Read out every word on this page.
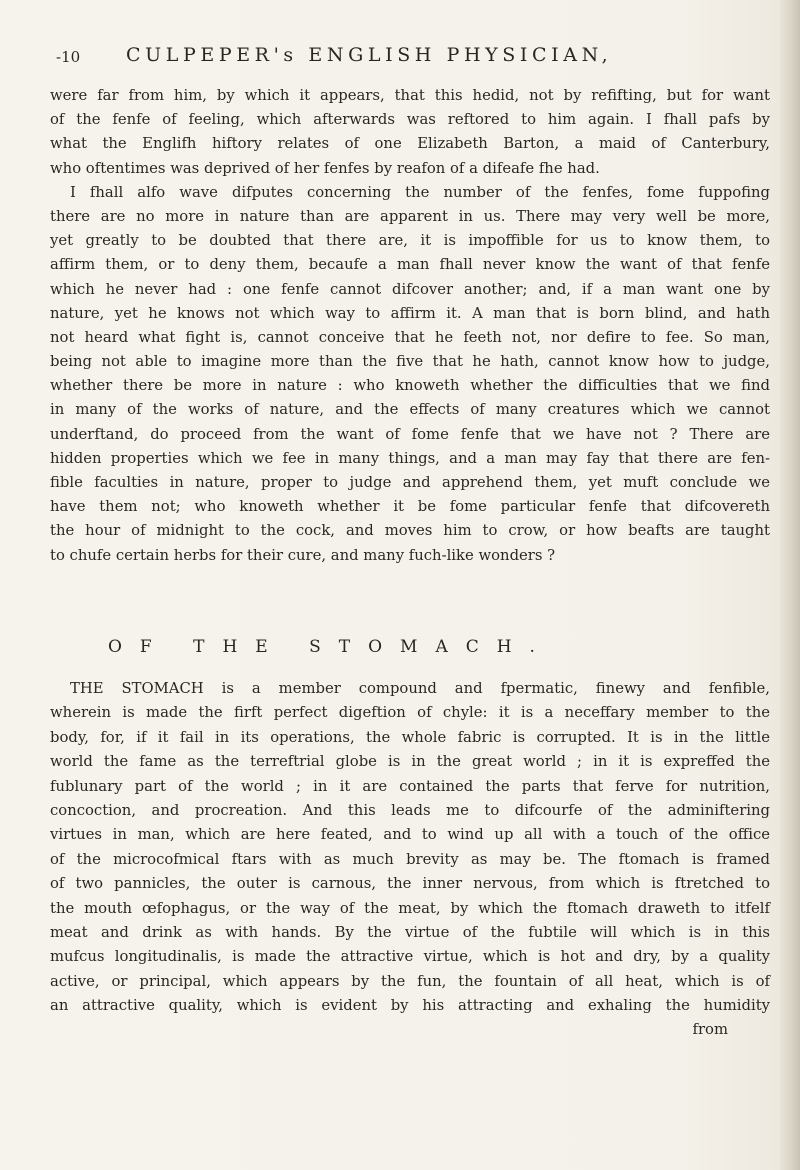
-10 CULPEPER's ENGLISH PHYSICIAN,
were far from him, by which it appears, that this hedid, not by refifting, but for want
of the fenfe of feeling, which afterwards was reftored to him again. I fhall pafs by
what the Englifh hiftory relates of one Elizabeth Barton, a maid of Canterbury,
who oftentimes was deprived of her fenfes by reafon of a difeafe fhe had.
I fhall alfo wave difputes concerning the number of the fenfes, fome fuppofing
there are no more in nature than are apparent in us. There may very well be more,
yet greatly to be doubted that there are, it is impoffible for us to know them, to
affirm them, or to deny them, becaufe a man fhall never know the want of that fenfe
which he never had : one fenfe cannot difcover another; and, if a man want one by
nature, yet he knows not which way to affirm it. A man that is born blind, and hath
not heard what fight is, cannot conceive that he feeth not, nor defire to fee. So man,
being not able to imagine more than the five that he hath, cannot know how to judge,
whether there be more in nature : who knoweth whether the difficulties that we find
in many of the works of nature, and the effects of many creatures which we cannot
underftand, do proceed from the want of fome fenfe that we have not ? There are
hidden properties which we fee in many things, and a man may fay that there are fen-
fible faculties in nature, proper to judge and apprehend them, yet muft conclude we
have them not; who knoweth whether it be fome particular fenfe that difcovereth
the hour of midnight to the cock, and moves him to crow, or how beafts are taught
to chufe certain herbs for their cure, and many fuch-like wonders ?
OF THE STOMACH.
THE STOMACH is a member compound and fpermatic, finewy and fenfible,
wherein is made the firft perfect digeftion of chyle: it is a neceffary member to the
body, for, if it fail in its operations, the whole fabric is corrupted. It is in the little
world the fame as the terreftrial globe is in the great world ; in it is expreffed the
fublunary part of the world ; in it are contained the parts that ferve for nutrition,
concoction, and procreation. And this leads me to difcourfe of the adminiftering
virtues in man, which are here feated, and to wind up all with a touch of the office
of the microcofmical ftars with as much brevity as may be. The ftomach is framed
of two pannicles, the outer is carnous, the inner nervous, from which is ftretched to
the mouth œfophagus, or the way of the meat, by which the ftomach draweth to itfelf
meat and drink as with hands. By the virtue of the fubtile will which is in this
mufcus longitudinalis, is made the attractive virtue, which is hot and dry, by a quality
active, or principal, which appears by the fun, the fountain of all heat, which is of
an attractive quality, which is evident by his attracting and exhaling the humidity
from
